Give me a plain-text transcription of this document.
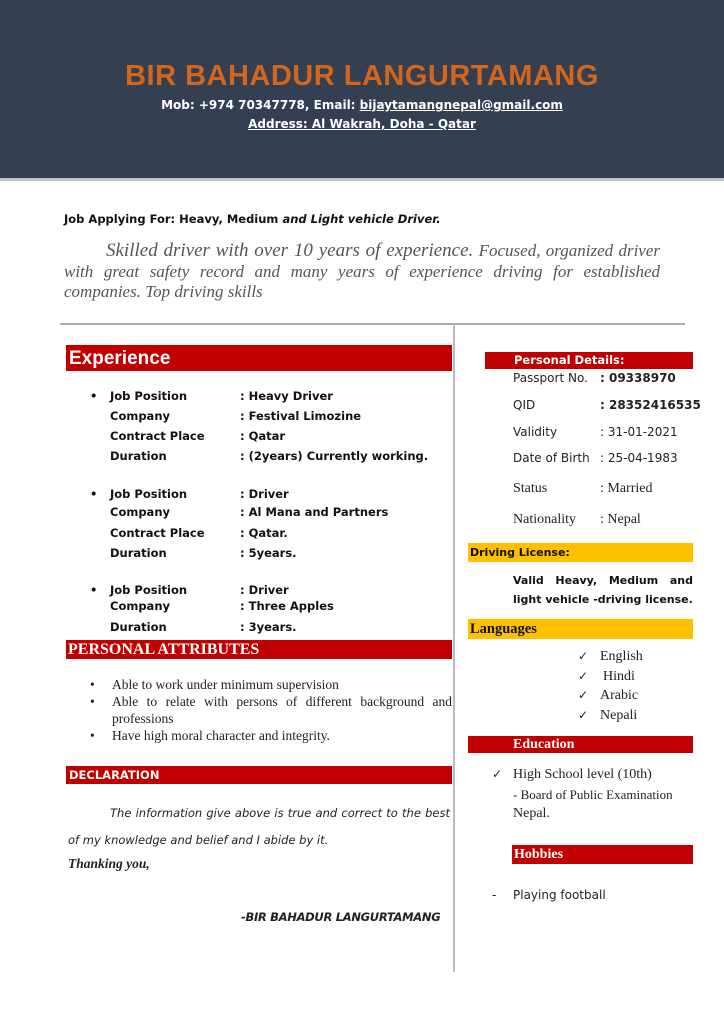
BIR BAHADUR LANGURTAMANG
Mob: +974 70347778, Email: bijaytamangnepal@gmail.com
Address: Al Wakrah, Doha - Qatar
Job Applying For: Heavy, Medium and Light vehicle Driver.
Skilled driver with over 10 years of experience. Focused, organized driver with great safety record and many years of experience driving for established companies. Top driving skills
Experience
• Job Position	: Heavy Driver
Company	: Festival Limozine
Contract Place	: Qatar
Duration	: (2years) Currently working.
• Job Position	: Driver
Company	: Al Mana and Partners
Contract Place	: Qatar.
Duration	: 5years.
• Job Position	: Driver
Company	: Three Apples
Duration	: 3years.
PERSONAL ATTRIBUTES
• Able to work under minimum supervision
• Able to relate with persons of different background and professions
• Have high moral character and integrity.
DECLARATION
The information give above is true and correct to the best of my knowledge and belief and I abide by it.
Thanking you,
-BIR BAHADUR LANGURTAMANG
Personal Details:
Passport No. : 09338970
QID	: 28352416535
Validity	: 31-01-2021
Date of Birth : 25-04-1983
Status	: Married
Nationality : Nepal
Driving License:
Valid Heavy, Medium and light vehicle -driving license.
Languages
✓ English
✓ Hindi
✓ Arabic
✓ Nepali
Education
✓ High School level (10th)
- Board of Public Examination
Nepal.
Hobbies
- Playing football
